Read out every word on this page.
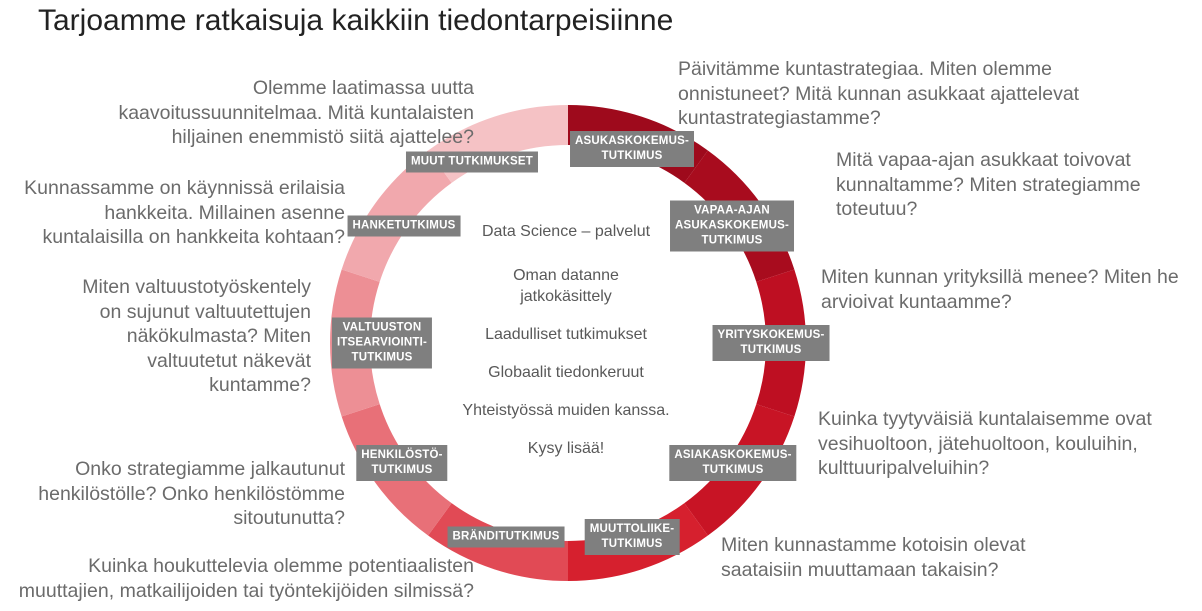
Tarjoamme ratkaisuja kaikkiin tiedontarpeisiinne
ASUKASKOKEMUS-
TUTKIMUS
VAPAA-AJAN
ASUKASKOKEMUS-
TUTKIMUS
YRITYSKOKEMUS-
TUTKIMUS
ASIAKASKOKEMUS-
TUTKIMUS
MUUTTOLIIKE-
TUTKIMUS
BRÄNDITUTKIMUS
HENKILÖSTÖ-
TUTKIMUS
VALTUUSTON
ITSEARVIOINTI-
TUTKIMUS
HANKETUTKIMUS
MUUT TUTKIMUKSET
Päivitämme kuntastrategiaa. Miten olemme
onnistuneet? Mitä kunnan asukkaat ajattelevat
kuntastrategiastamme?
Mitä vapaa-ajan asukkaat toivovat
kunnaltamme? Miten strategiamme
toteutuu?
Miten kunnan yrityksillä menee? Miten he
arvioivat kuntaamme?
Kuinka tyytyväisiä kuntalaisemme ovat
vesihuoltoon, jätehuoltoon, kouluihin,
kulttuuripalveluihin?
Miten kunnastamme kotoisin olevat
saataisiin muuttamaan takaisin?
Kuinka houkuttelevia olemme potentiaalisten
muuttajien, matkailijoiden tai työntekijöiden silmissä?
Onko strategiamme jalkautunut
henkilöstölle? Onko henkilöstömme
sitoutunutta?
Miten valtuustotyöskentely
on sujunut valtuutettujen
näkökulmasta? Miten
valtuutetut näkevät
kuntamme?
Kunnassamme on käynnissä erilaisia
hankkeita. Millainen asenne
kuntalaisilla on hankkeita kohtaan?
Olemme laatimassa uutta
kaavoitussuunnitelmaa. Mitä kuntalaisten
hiljainen enemmistö siitä ajattelee?
Data Science – palvelut
Oman datanne
jatkokäsittely
Laadulliset tutkimukset
Globaalit tiedonkeruut
Yhteistyössä muiden kanssa.
Kysy lisää!
